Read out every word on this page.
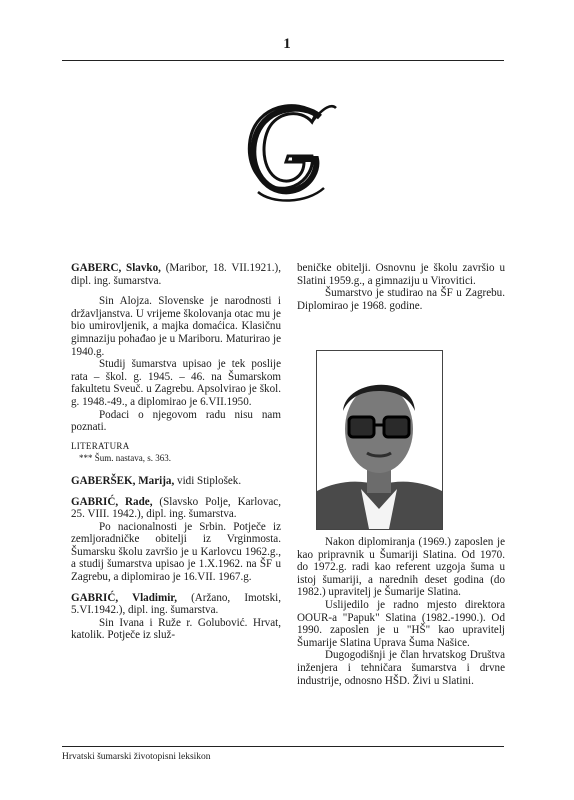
1
G

GABERC, Slavko, (Maribor, 18. VII.1921.), dipl. ing. šumarstva.

Sin Alojza. Slovenske je narodnosti i državljanstva. U vrijeme školovanja otac mu je bio umirovljenik, a majka domaćica. Klasičnu gimnaziju pohađao je u Mariboru. Maturirao je 1940.g.

Studij šumarstva upisao je tek poslije rata – škol. g. 1945. – 46. na Šumarskom fakultetu Sveuč. u Zagrebu. Apsolvirao je škol. g. 1948.-49., a diplomirao je 6.VII.1950.

Podaci o njegovom radu nisu nam poznati.

LITERATURA

*** Šum. nastava, s. 363.

GABERŠEK, Marija, vidi Stiplošek.

GABRIĆ, Rade, (Slavsko Polje, Karlovac, 25. VIII. 1942.), dipl. ing. šumarstva.

Po nacionalnosti je Srbin. Potječe iz zemljoradničke obitelji iz Vrginmosta. Šumarsku školu završio je u Karlovcu 1962.g., a studij šumarstva upisao je 1.X.1962. na ŠF u Zagrebu, a diplomirao je 16.VII. 1967.g.

GABRIĆ, Vladimir, (Aržano, Imotski, 5.VI.1942.), dipl. ing. šumarstva.

Sin Ivana i Ruže r. Golubović. Hrvat, katolik. Potječe iz služ-

beničke obitelji. Osnovnu je školu završio u Slatini 1959.g., a gimnaziju u Virovitici.

Šumarstvo je studirao na ŠF u Zagrebu. Diplomirao je 1968. godine.

Nakon diplomiranja (1969.) zaposlen je kao pripravnik u Šumariji Slatina. Od 1970. do 1972.g. radi kao referent uzgoja šuma u istoj šumariji, a narednih deset godina (do 1982.) upravitelj je Šumarije Slatina.

Uslijedilo je radno mjesto direktora OOUR-a "Papuk" Slatina (1982.-1990.). Od 1990. zaposlen je u "HŠ" kao upravitelj Šumarije Slatina Uprava Šuma Našice.

Dugogodišnji je član hrvatskog Društva inženjera i tehničara šumarstva i drvne industrije, odnosno HŠD. Živi u Slatini.

Hrvatski šumarski životopisni leksikon
